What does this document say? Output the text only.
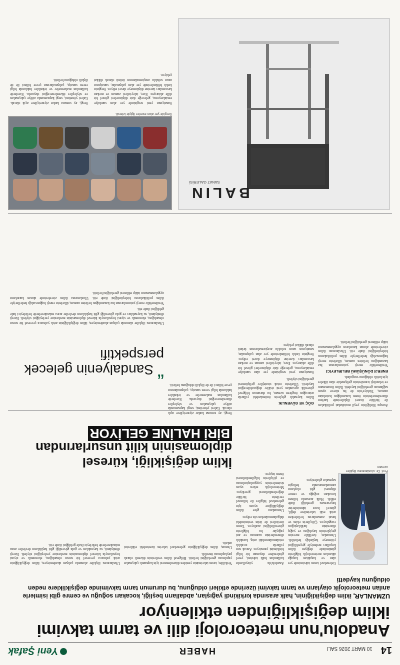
14 10 MART 2026 SALI
HABER
Yeni Şafak
Anadolu'nun meteoroloji dili ve tarım takvimi iklim değişikliğinden etkileniyor
UZMANLAR, iklim değişikliğinin, halk arasında kırkikindi yağışları, abdalların beşliği, kocakarı soğuğu ve cemre gibi isimlerle anılan meteorolojik olayların ve tarım takvimi üzerinde etkileri olduğunu, bu durumun tarım takviminde değişikliklere neden olduğunu kaydetti
Prof. Dr. uluslararası ilişkiler uzmanı

Geleneksel tarım takviminde yer alan ve kuşaktan kuşağa aktarılan meteorolojik bilgilerin günümüzde değişen iklim koşulları nedeniyle geçerliliğini yitirmeye başladığı belirtildi. Uzmanlar, özellikle mevsim geçişlerinin kaydığını ve yağış düzeninin farklılaştığını vurguluyor. Çiftçilerin ekim ve hasat zamanlarını belirlerken artık eski takvimlere değil, güncel hava tahminlerine başvurması gerektiği ifade edildi. Halk arasında bilinen kocakarı soğuğu ve cemre düşmesi gibi olayların zamanlamasında belirgin sapmalar gözleniyor.

Anadolu'da yüzyıllardır kullanılan halk takvimi, yerel gözlemlere dayanan bir bilgi birikimini yansıtıyor. Ancak son yıllarda sıcaklık ortalamalarındaki artış, kuraklık dönemlerinin uzaması ve ani yağışlar bu bilgilerin güvenilirliğini azaltıyor. Tarım üreticileri de ürün verimindeki dalgalanmalardan söz ediyor.

Uzmanlara göre iklim değişikliğine uyum için geleneksel bilgiler ile bilimsel verilerin birlikte değerlendirilmesi gerekiyor. Meteorolojik erken uyarı sistemlerinin yaygınlaştırılması ve çiftçilerin bilgilendirilmesi önem taşıyor.

Yetkililer, tarım takviminin yeniden düzenlenmesi için kapsamlı çalışmalar yapılması gerektiğini belirtti. Bölgesel iklim verilerinin düzenli olarak paylaşılması önerildi.

Uzman, iklim değişikliğinin geleneksel takvim üzerindeki etkilerini anlattı.

Uluslararası ilişkiler alanında çalışan akademisyen, iklim değişikliğinin artık yalnızca çevresel bir sorun olmadığını, ekonomik ve siyasi boyutlarıyla küresel diplomasinin merkezine yerleştiğini söyledi. Enerji dönüşümü, su kaynakları ve gıda güvenliği gibi başlıkların devletler arası müzakerelerde belirleyici hale geldiğini ifade etti.

İklim değişikliği, küresel
diplomasinin kilit unsurlarından
BİRİ HALİNE GELİYOR

Avrupa Birliği'nin yeşil mutabakat politikaları ile birlikte ticaret ilişkilerinde karbon düzenlemelerinin önem kazandığını hatırlatan uzman, Türkiye'nin de bu sürece uyum sağlaması gerektiğini kaydetti. İklim finansmanı ve teknoloji transferinin gelişmekte olan ülkeler için kritik olduğunu vurguladı.

ENERJİ DÖNÜŞÜMÜ BELİRLEYİCİ

Yenilenebilir enerji yatırımlarının hız kazandığını belirten uzman, ülkelerin enerji bağımsızlığı hedefleriyle iklim politikalarını birleştirdiğini ifade etti. Uluslararası iklim zirvelerinde alınan kararların uygulanmasının takip edilmesi gerektiğini belirtti.

GÖÇ VE GÜVENLİK

İklim kaynaklı göçlerin önümüzdeki yıllarda artacağını öngören uzman, bu durumun bölgesel güvenlik açısından yeni riskler doğurabileceğini kaydetti. Ülkelerin ortak stratejiler geliştirmesi gerektiğini söyledi.

Sanatçının yeni sergisinde yer alan sandalye enstalasyonu, geleceğe dair düşünceleri görsel bir dille aktarıyor. Eser, izleyicileri zaman ve mekan kavramları üzerine düşünmeye davet ediyor. Serginin farklı bölümlerinde yer alan çalışmalar, sanatçının uzun soluklu araştırmalarının ürünü olarak dikkat çekiyor.

Sergi, ay sonuna kadar ziyaretçilere açık olacak. Galeri yönetimi, sergi kapsamında atölye çalışmaları ve söyleşiler düzenleneceğini duyurdu. Eserlerde kullanılan malzemeler ve teknikler hakkında bilgi veren sanatçı, çalışmalarının çevre bilinci ile de ilişkili olduğunu belirtti.

“ Sandalyenin gelecek perspektifi

Uluslararası ilişkiler alanında çalışan akademisyen, iklim değişikliğinin artık yalnızca çevresel bir sorun olmadığını, ekonomik ve siyasi boyutlarıyla küresel diplomasinin merkezine yerleştiğini söyledi. Enerji dönüşümü, su kaynakları ve gıda güvenliği gibi başlıkların devletler arası müzakerelerde belirleyici hale geldiğini ifade etti.

Yenilenebilir enerji yatırımlarının hız kazandığını belirten uzman, ülkelerin enerji bağımsızlığı hedefleriyle iklim politikalarını birleştirdiğini ifade etti. Uluslararası iklim zirvelerinde alınan kararların uygulanmasının takip edilmesi gerektiğini belirtti.

BALIN
SANAT GALERİSİ
Sergide yer alan eserler ilgiyle izlendi.

Sanatçının yeni sergisinde yer alan sandalye enstalasyonu, geleceğe dair düşünceleri görsel bir dille aktarıyor. Eser, izleyicileri zaman ve mekan kavramları üzerine düşünmeye davet ediyor. Serginin farklı bölümlerinde yer alan çalışmalar, sanatçının uzun soluklu araştırmalarının ürünü olarak dikkat çekiyor.

Sergi, ay sonuna kadar ziyaretçilere açık olacak. Galeri yönetimi, sergi kapsamında atölye çalışmaları ve söyleşiler düzenleneceğini duyurdu. Eserlerde kullanılan malzemeler ve teknikler hakkında bilgi veren sanatçı, çalışmalarının çevre bilinci ile de ilişkili olduğunu belirtti.
